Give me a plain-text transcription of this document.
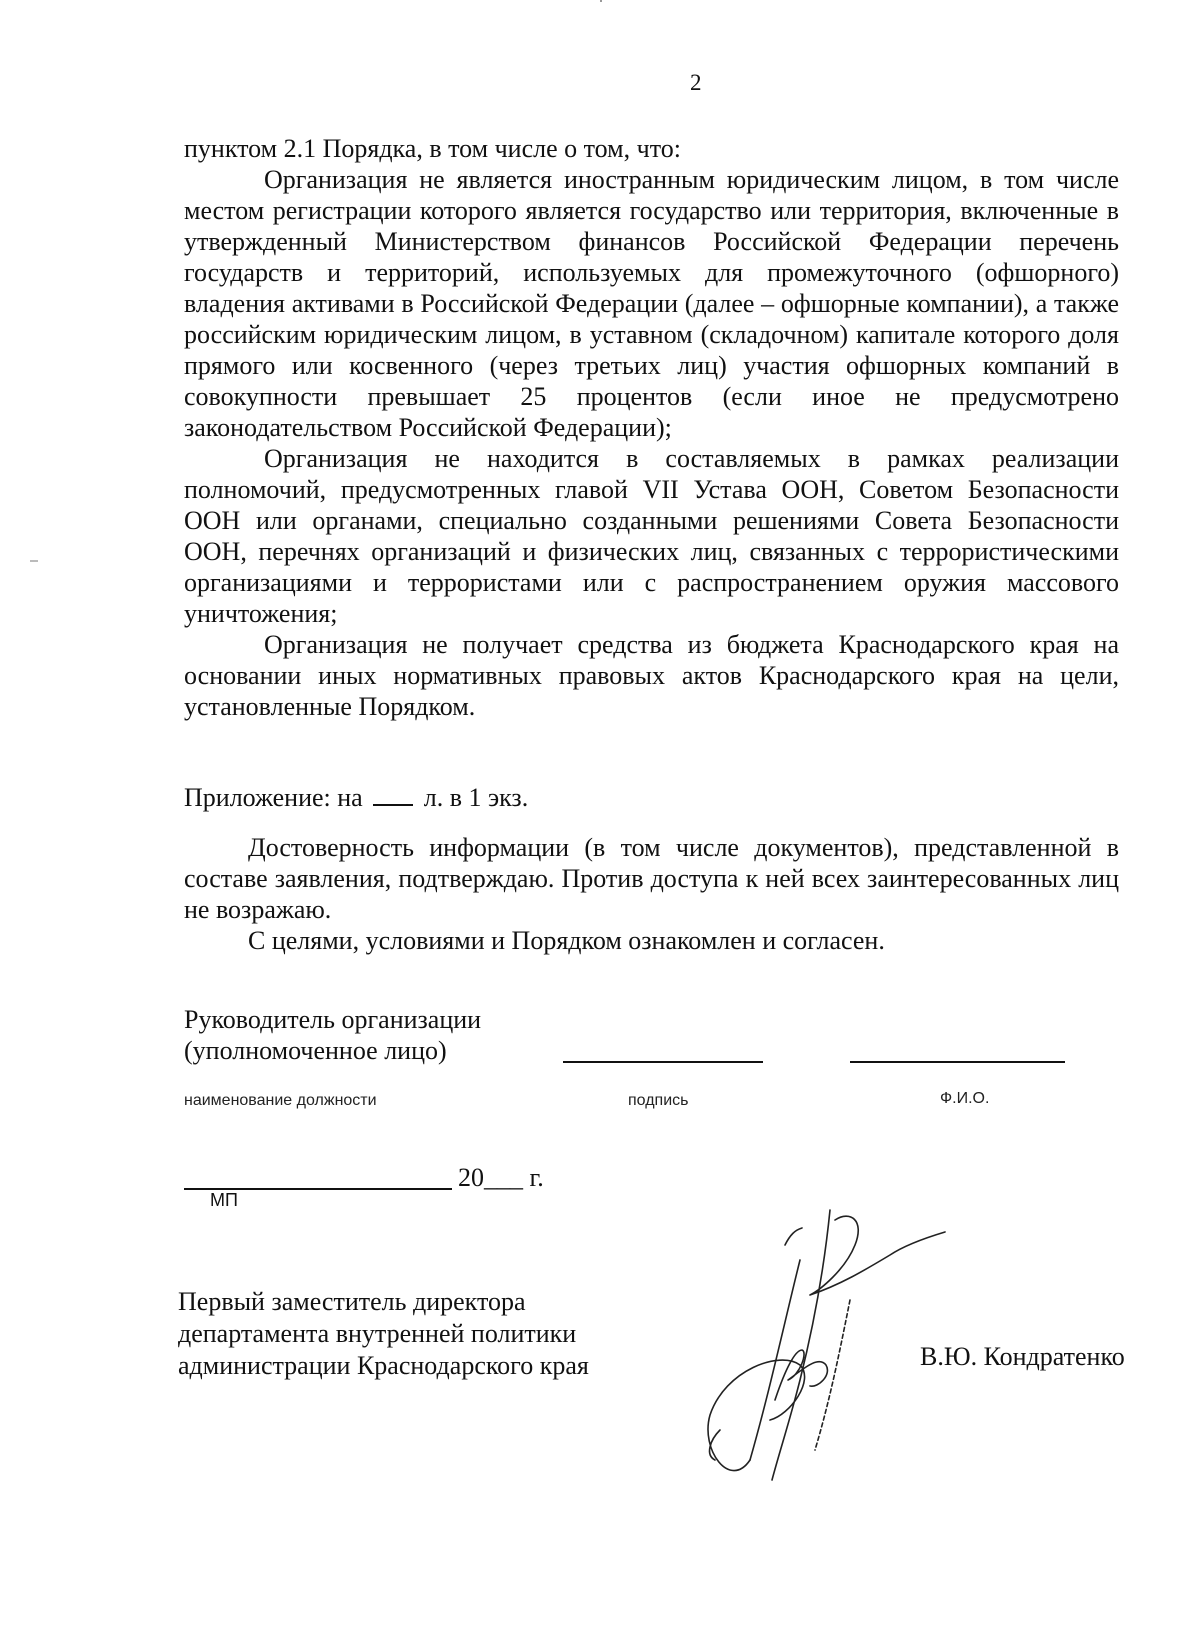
2

пунктом 2.1 Порядка, в том числе о том, что:

Организация не является иностранным юридическим лицом, в том числе местом регистрации которого является государство или территория, включенные в утвержденный Министерством финансов Российской Федерации перечень государств и территорий, используемых для промежуточного (офшорного) владения активами в Российской Федерации (далее – офшорные компании), а также российским юридическим лицом, в уставном (складочном) капитале которого доля прямого или косвенного (через третьих лиц) участия офшорных компаний в совокупности превышает 25 процентов (если иное не предусмотрено законодательством Российской Федерации);

Организация не находится в составляемых в рамках реализации полномочий, предусмотренных главой VII Устава ООН, Советом Безопасности ООН или органами, специально созданными решениями Совета Безопасности ООН, перечнях организаций и физических лиц, связанных с террористическими организациями и террористами или с распространением оружия массового уничтожения;

Организация не получает средства из бюджета Краснодарского края на основании иных нормативных правовых актов Краснодарского края на цели, установленные Порядком.

Приложение: на л. в 1 экз.

Достоверность информации (в том числе документов), представленной в составе заявления, подтверждаю. Против доступа к ней всех заинтересованных лиц не возражаю.

С целями, условиями и Порядком ознакомлен и согласен.

Руководитель организации
(уполномоченное лицо)
наименование должности	подпись	Ф.И.О.
20___ г.
МП
Первый заместитель директора
департамента внутренней политики
администрации Краснодарского края	В.Ю. Кондратенко
